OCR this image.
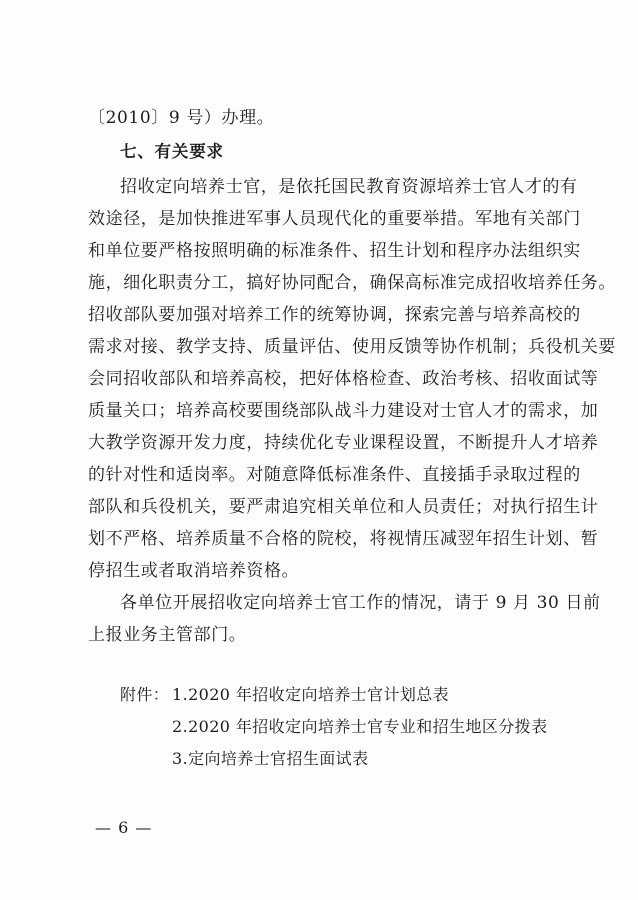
〔2010〕9 号）办理。
七、有关要求
招收定向培养士官，是依托国民教育资源培养士官人才的有
效途径，是加快推进军事人员现代化的重要举措。军地有关部门
和单位要严格按照明确的标准条件、招生计划和程序办法组织实
施，细化职责分工，搞好协同配合，确保高标准完成招收培养任务。
招收部队要加强对培养工作的统筹协调，探索完善与培养高校的
需求对接、教学支持、质量评估、使用反馈等协作机制；兵役机关要
会同招收部队和培养高校，把好体格检查、政治考核、招收面试等
质量关口；培养高校要围绕部队战斗力建设对士官人才的需求，加
大教学资源开发力度，持续优化专业课程设置，不断提升人才培养
的针对性和适岗率。对随意降低标准条件、直接插手录取过程的
部队和兵役机关，要严肃追究相关单位和人员责任；对执行招生计
划不严格、培养质量不合格的院校，将视情压减翌年招生计划、暂
停招生或者取消培养资格。
各单位开展招收定向培养士官工作的情况，请于 9 月 30 日前
上报业务主管部门。
附件： 1.2020 年招收定向培养士官计划总表
2.2020 年招收定向培养士官专业和招生地区分拨表
3.定向培养士官招生面试表
— 6 —
